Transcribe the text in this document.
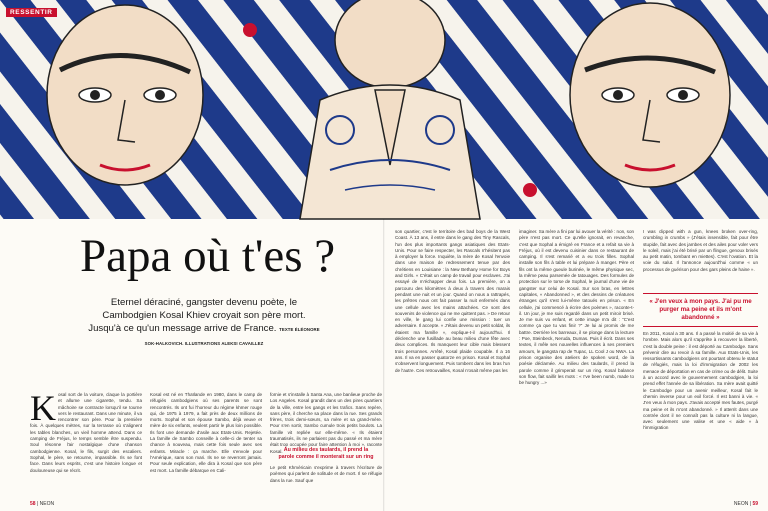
RESSENTIR
Papa où t'es ?
Eternel déraciné, gangster devenu poète, le Cambodgien Kosal Khiev croyait son père mort. Jusqu'à ce qu'un message arrive de France. TEXTE ÉLÉONORE SOK-HALKOVICH. ILLUSTRATIONS ALEKSI CAVAILLEZ

Kosal sort de la voiture, claque la portière et allume une cigarette, tendu. Sa mâchoire se contracte lorsqu'il se tourne vers le restaurant. Dans une minute, il va rencontrer son père. Pour la première fois. À quelques mètres, sur la terrasse où s'alignent les tables blanches, un vieil homme attend. Dans ce camping de Fréjus, le temps semble être suspendu. Soul résonne l'air nostalgique d'une chanson cambodgienne. Kosal, le fils, surgit des escaliers. Sophal, le père, se retourne, impassible. Ils se font face. Dans leurs esprits, c'est une histoire longue et douloureuse qui se récrit.

Kosal est né en Thaïlande en 1980, dans le camp de réfugiés cambodgiens où ses parents se sont rencontrés. Ils ont fui l'horreur du régime khmer rouge qui, de 1975 à 1979, a fait près de deux millions de morts. Sophal et son épouse Sambo, déjà veuve et mère de six enfants, veulent partir le plus loin possible. Ils font une demande d'asile aux Etats-Unis. Rejetée. La famille de Sambo conseille à celle-ci de tenter sa chance à nouveau, mais cette fois seule avec ses enfants. Miracle : ça marche. Elle s'envole pour l'Amérique, sans son mari. Ils ne se reverront jamais. Pour seule explication, elle dira à Kosal que son père est mort. La famille débarque en Cali-

fornie et s'installe à Santa Ana, une banlieue proche de Los Angeles. Kosal grandit dans un des pires quartiers de la ville, entre les gangs et les trafics. Sans repère, sans père, il cherche sa place dans la rue. Ses grands frères, trois demi-sœurs, sa mère et sa grand-mère. Pour s'en sortir, Sambo cumule trois petits boulots. La famille vit repliée sur elle-même. « Ils étaient traumatisés, ils ne parlaient pas du passé et ma mère était trop occupée pour faire attention à moi », raconte Kosal. Au milieu des taulards, il prend la parole comme il monterait sur un ring

Le petit Khmèricain s'exprime à travers l'écriture de poèmes qui parlent de solitude et de mort. Il se réfugie dans la rue. Sauf que

58 | NEON

son quartier, c'est le territoire des bad boys de la West Coast. À 13 ans, il entre dans le gang des Tiny Rascals, l'un des plus importants gangs asiatiques des Etats-Unis. Pour se faire respecter, les Rascals n'hésitent pas à employer la force. Inquiète, la mère de Kosal l'envoie dans une maison de redressement tenue par des chrétiens en Louisiane : la New Bethany Home for Boys and Girls. « C'était un camp de travail pour esclaves. J'ai essayé de m'échapper deux fois. La première, on a parcouru des kilomètres à deux à travers des marais pendant une nuit et un jour. Quand on nous a rattrapés, les prêtres nous ont fait passer la nuit enfermés dans une cellule avec les mains attachées. Ce sont des souvenirs de violence qui ne me quittent pas. » De retour en ville, le gang lui confie une mission : tuer un adversaire. Il accepte. « J'étais devenu un petit soldat, ils étaient ma famille », explique-t-il aujourd'hui. Il déclenche une fusillade au beau milieu d'une fête avec deux complices. Ils manquent leur cible mais blessent trois personnes. Arrêté, Kosal plaide coupable. Il a 16 ans. Il va en passer quatorze en prison. Kosal et Sophal s'observent longuement. Puis tombent dans les bras l'un de l'autre. Ces retrouvailles, Kosal n'osait même pas les

imaginer. Sa mère a fini par lui avouer la vérité : non, son père n'est pas mort. Ce qu'elle ignorait, en revanche, c'est que Sophal a émigré en France et a refait sa vie à Fréjus, où il est devenu cuisinier dans ce restaurant de camping. Il s'est remarié et a eu trois filles. Sophal installe son fils à table et lui prépare à manger. Père et fils ont la même gueule burinée, le même physique sec, la même peau parsemée de tatouages. Des formules de protection sur le torse de Sophal, le journal d'une vie de gangster sur celui de Kosal. Sur son bras, en lettres capitales, « Abandonned », et des dessins de créatures étranges qu'il s'est lui-même tatoués en prison. « En cellule, j'ai commencé à écrire des poèmes », raconte-t-il. Un jour, je me suis regardé dans un petit miroir brisé. Je me suis vu enfant, et cette image m'a dit : “C'est comme ça que tu vas finir ?” Je lui ai promis de me battre. Derrière les barreaux, il se plonge dans la lecture : Poe, Steinbeck, Neruda, Dumas. Puis il écrit. Dans ses textes, il mêle ses nouvelles influences à ses premiers amours, le gangsta rap de Tupac, LL Cool J ou NWA. La prison organise des ateliers de spoken word, de la poésie déclamée. Au milieu des taulards, il prend la parole comme il grimperait sur un ring. Kosal balance son flow, fait saillir les mots : « I've been numb, made to be hungry ...»

I was clipped with a gun, knees broken over-ring, crumbling in crumbs » (J'étais insensible, fait pour être stupide, fait avec des jambes et des ailes pour voler vers le soleil, mais j'ai été brisé par un flingue, genoux brisés au petit matin, tombant en miettes). C'est l'ovation. Et la voie du salut. Il l'annonce aujourd'hui comme « un processus de guérison pour des gars pleins de haine ».

« J'en veux à mon pays. J'ai pu me purger ma peine et ils m'ont abandonné »

En 2011, Kosal a 30 ans. Il a passé la moitié de sa vie à l'ombre. Mais alors qu'il s'apprête à recouvrer la liberté, c'est la double peine : il est déporté au Cambodge. Sans prévenir dire au revoir à sa famille. Aux Etats-Unis, les ressortissants cambodgiens ont pourtant obtenu le statut de réfugiés, mais la loi d'immigration de 2002 les menace de déportation en cas de crime ou de délit. Suite à un accord avec le gouvernement cambodgien, la loi prend effet l'année de sa libération. Sa mère avait quitté le Cambodge pour un avenir meilleur, Kosal fait le chemin inverse pour un exil forcé. Il est banni à vie. « J'en veux à mon pays. J'avais accepté mes fautes, purgé ma peine et ils m'ont abandonné. » Il atterrit dans une contrée dont il ne connaît pas la culture ni la langue, avec seulement une valise et une « aide » à l'immigration

NEON | 59
